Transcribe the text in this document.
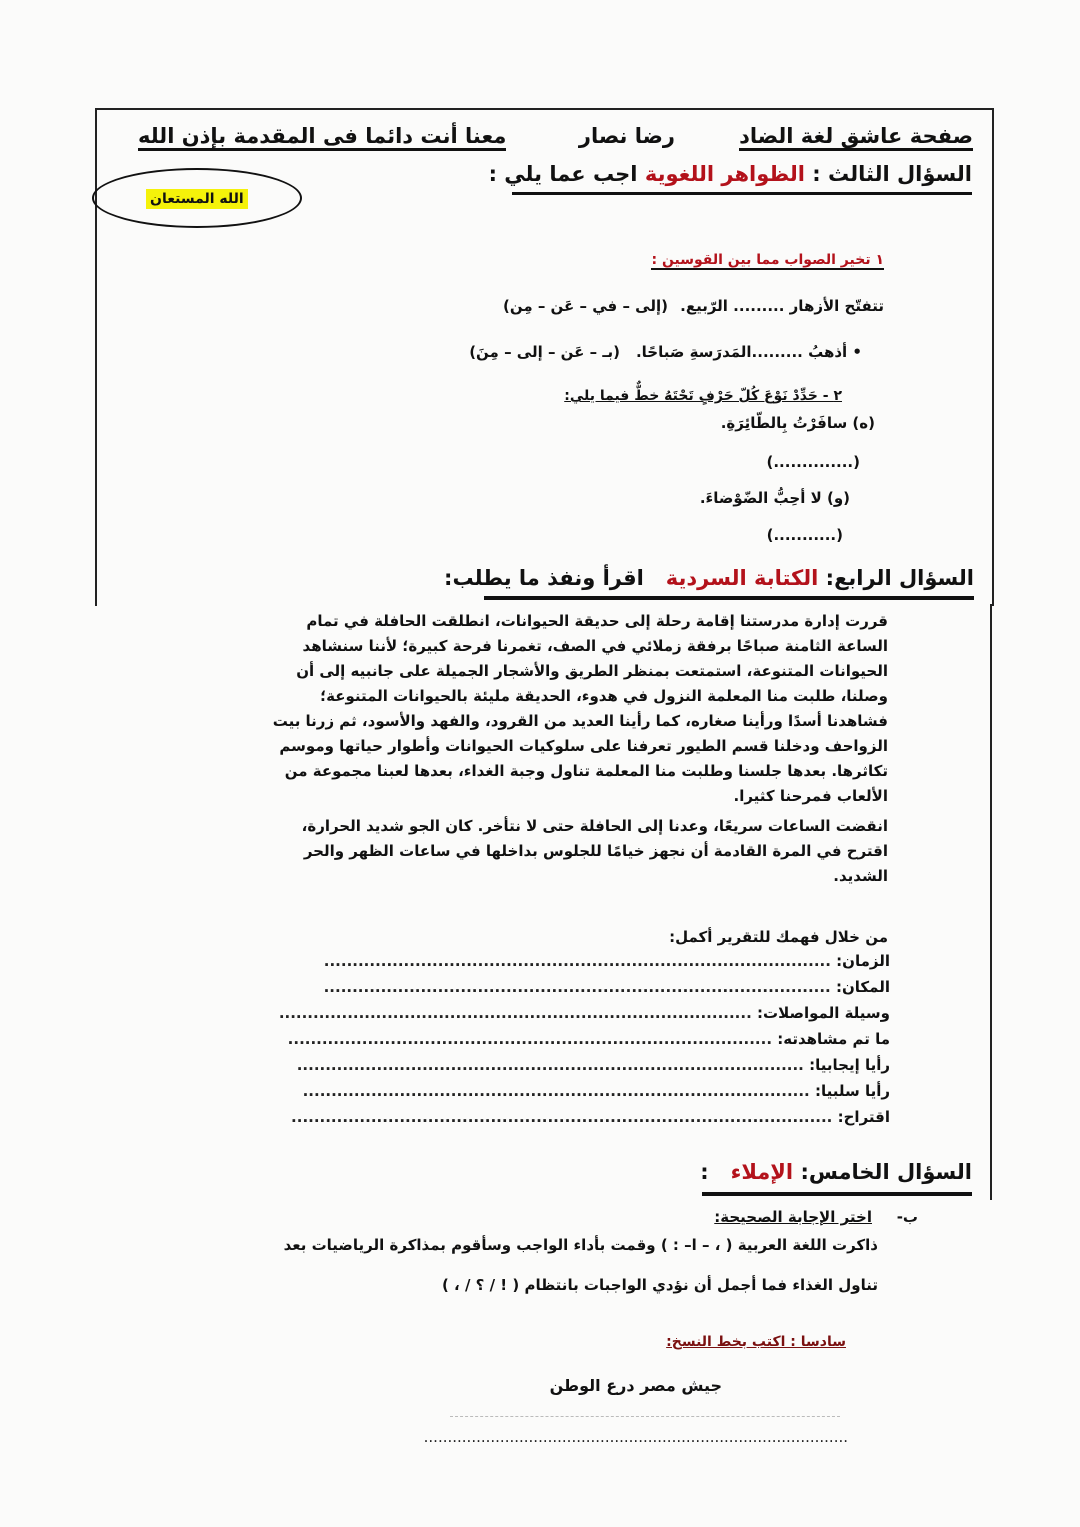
صفحة عاشق لغة الضاد
رضا نصار
معنا أنت دائما فى المقدمة بإذن الله
السؤال الثالث : الظواهر اللغوية اجب عما يلي :
الله المستعان
١ تخير الصواب مما بين القوسين :
تتفتّح الأزهار ......... الرّبيع.
(إلى – في – عَن – مِن)
• أذهبُ .........المَدرَسةِ صَباحًا.
(بـ – عَن – إلى – مِنَ)
٢ - حَدِّدْ نَوْعَ كُلّ حَرْفٍ تَحْتَهُ خطٌّ فيما يلي:
(ه) سافَرْتُ بِالطّائِرَةِ.
(..............)
(و) لا أحِبُّ الضّوْضاءَ.
(...........)
السؤال الرابع: الكتابة السردية   اقرأ ونفذ ما يطلب:
قررت إدارة مدرستنا إقامة رحلة إلى حديقة الحيوانات، انطلقت الحافلة في تمام
الساعة الثامنة صباحًا برفقة زملائي في الصف، تغمرنا فرحة كبيرة؛ لأننا سنشاهد
الحيوانات المتنوعة، استمتعت بمنظر الطريق والأشجار الجميلة على جانبيه إلى أن
وصلنا، طلبت منا المعلمة النزول في هدوء، الحديقة مليئة بالحيوانات المتنوعة؛
فشاهدنا أسدًا ورأينا صغاره، كما رأينا العديد من القرود، والفهد والأسود، ثم زرنا بيت
الزواحف ودخلنا قسم الطيور تعرفنا على سلوكيات الحيوانات وأطوار حياتها وموسم
تكاثرها. بعدها جلسنا وطلبت منا المعلمة تناول وجبة الغداء، بعدها لعبنا مجموعة من
الألعاب فمرحنا كثيرا.
انقضت الساعات سريعًا، وعدنا إلى الحافلة حتى لا نتأخر. كان الجو شديد الحرارة،
اقترح في المرة القادمة أن نجهز خيامًا للجلوس بداخلها في ساعات الظهر والحر
الشديد.
من خلال فهمك للتقرير أكمل:
الزمان: .........................................................................................
المكان: .........................................................................................
وسيلة المواصلات: ...................................................................................
ما تم مشاهدته: .....................................................................................
رأيا إيجابيا: .........................................................................................
رأيا سلبيا: .........................................................................................
اقتراح: ...............................................................................................
السؤال الخامس: الإملاء   :
ب-
اختر الإجابة الصحيحة:
ذاكرت اللغة العربية ( ، – ا– : ) وقمت بأداء الواجب وسأقوم بمذاكرة الرياضيات بعد
تناول الغذاء فما أجمل أن نؤدي الواجبات بانتظام ( ! / ؟ / ، )
سادسا : اكتب بخط النسخ:
جيش مصر درع الوطن
.........................................................................................
